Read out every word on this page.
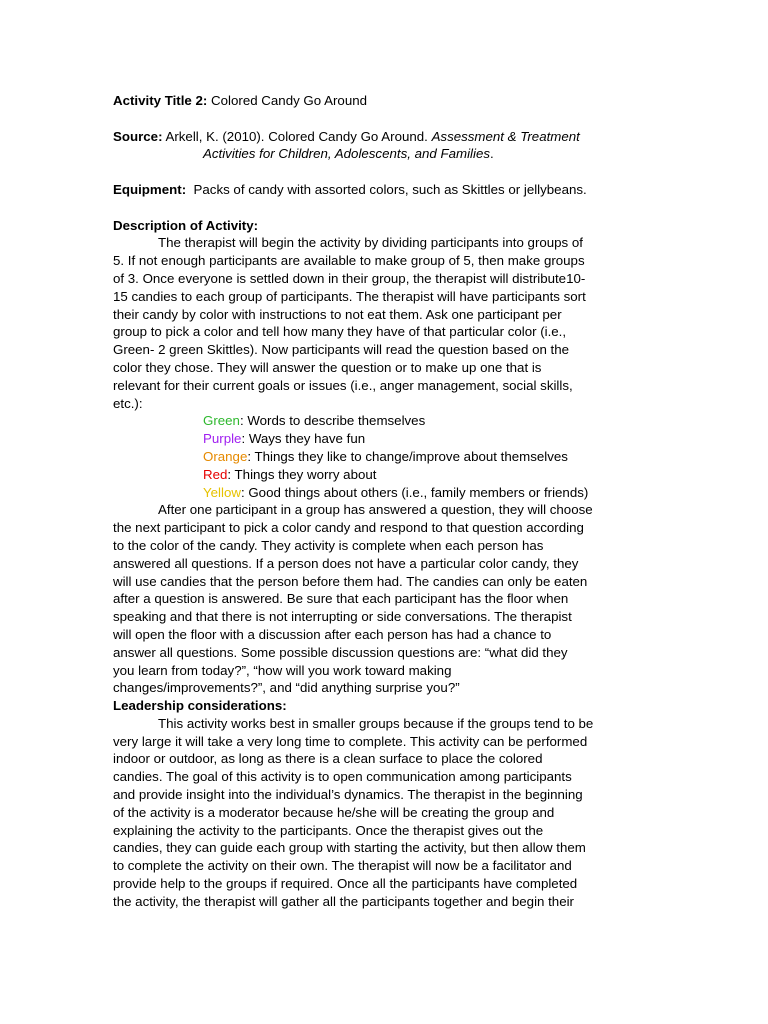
Activity Title 2: Colored Candy Go Around
Source: Arkell, K. (2010). Colored Candy Go Around. Assessment & Treatment
Activities for Children, Adolescents, and Families.
Equipment:  Packs of candy with assorted colors, such as Skittles or jellybeans.
Description of Activity:
The therapist will begin the activity by dividing participants into groups of
5. If not enough participants are available to make group of 5, then make groups
of 3. Once everyone is settled down in their group, the therapist will distribute10-
15 candies to each group of participants. The therapist will have participants sort
their candy by color with instructions to not eat them. Ask one participant per
group to pick a color and tell how many they have of that particular color (i.e.,
Green- 2 green Skittles). Now participants will read the question based on the
color they chose. They will answer the question or to make up one that is
relevant for their current goals or issues (i.e., anger management, social skills,
etc.):
Green: Words to describe themselves
Purple: Ways they have fun
Orange: Things they like to change/improve about themselves
Red: Things they worry about
Yellow: Good things about others (i.e., family members or friends)
After one participant in a group has answered a question, they will choose
the next participant to pick a color candy and respond to that question according
to the color of the candy. They activity is complete when each person has
answered all questions. If a person does not have a particular color candy, they
will use candies that the person before them had. The candies can only be eaten
after a question is answered. Be sure that each participant has the floor when
speaking and that there is not interrupting or side conversations. The therapist
will open the floor with a discussion after each person has had a chance to
answer all questions. Some possible discussion questions are: “what did they
you learn from today?”, “how will you work toward making
changes/improvements?”, and “did anything surprise you?”
Leadership considerations:
This activity works best in smaller groups because if the groups tend to be
very large it will take a very long time to complete. This activity can be performed
indoor or outdoor, as long as there is a clean surface to place the colored
candies. The goal of this activity is to open communication among participants
and provide insight into the individual’s dynamics. The therapist in the beginning
of the activity is a moderator because he/she will be creating the group and
explaining the activity to the participants. Once the therapist gives out the
candies, they can guide each group with starting the activity, but then allow them
to complete the activity on their own. The therapist will now be a facilitator and
provide help to the groups if required. Once all the participants have completed
the activity, the therapist will gather all the participants together and begin their
